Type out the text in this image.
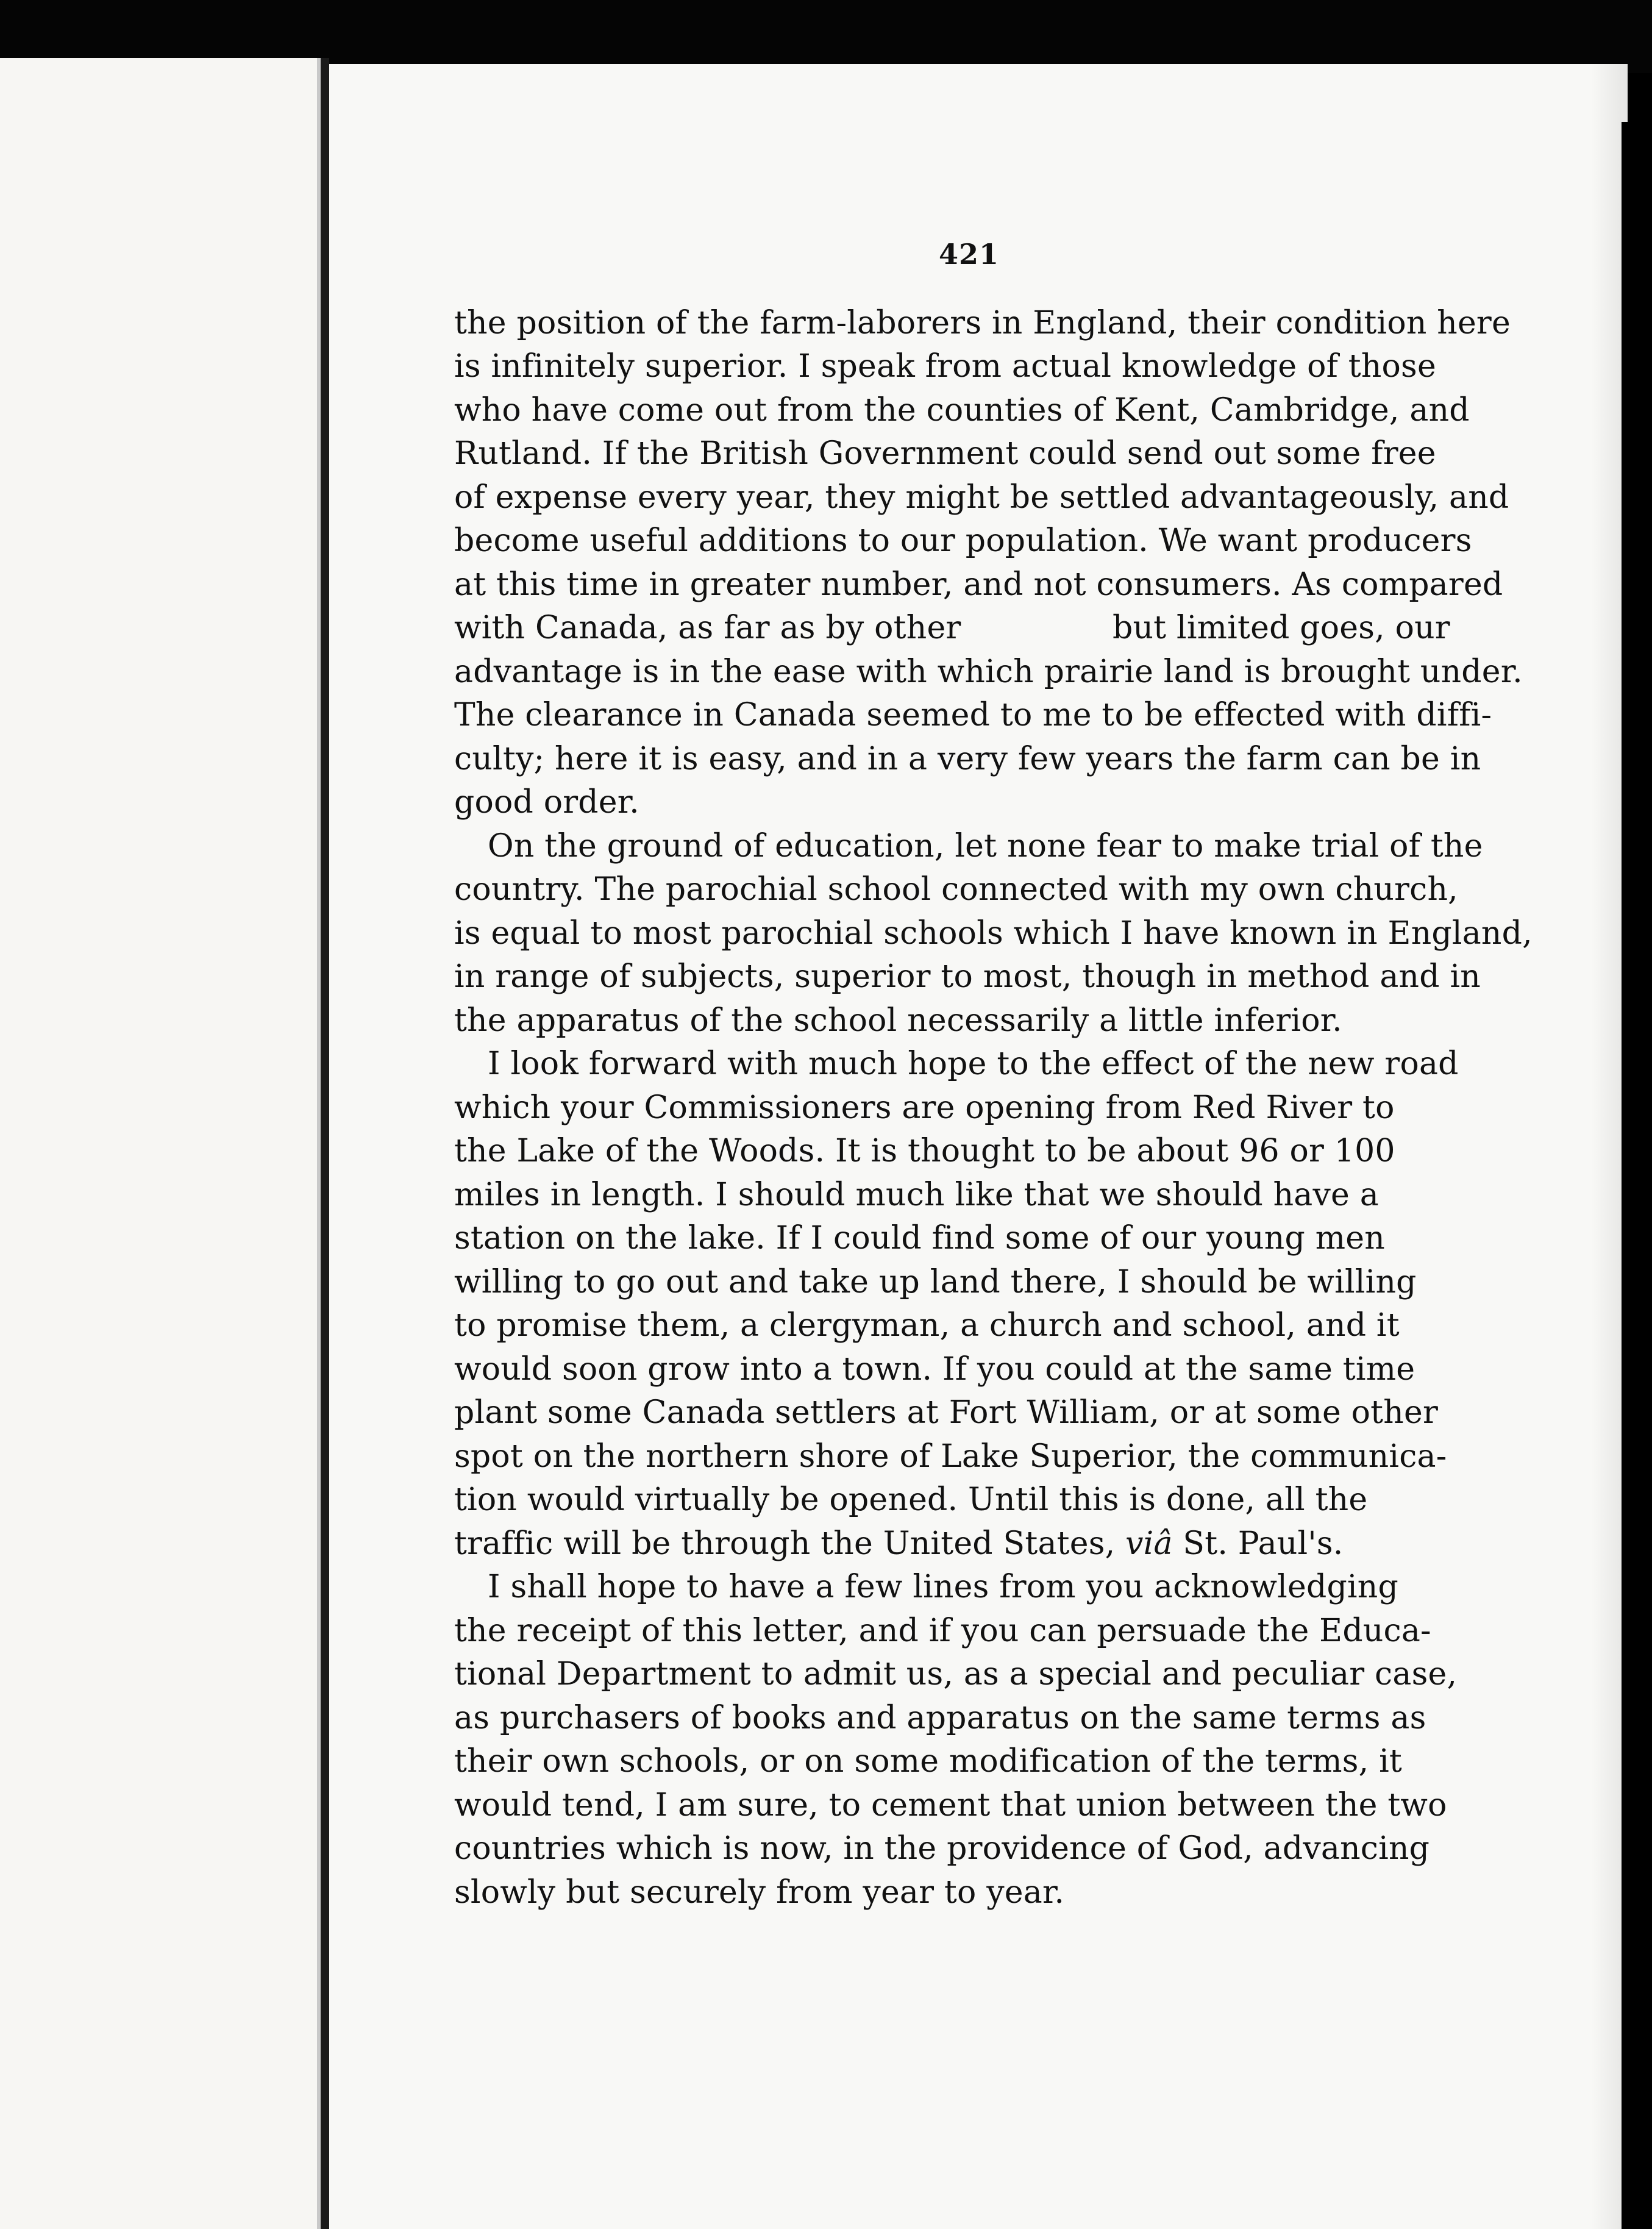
421
the position of the farm-laborers in England, their condition here
is infinitely superior. I speak from actual knowledge of those
who have come out from the counties of Kent, Cambridge, and
Rutland. If the British Government could send out some free
of expense every year, they might be settled advantageously, and
become useful additions to our population. We want producers
at this time in greater number, and not consumers. As compared
with Canada, as far as by other	but limited goes, our
advantage is in the ease with which prairie land is brought under.
The clearance in Canada seemed to me to be effected with diffi-
culty; here it is easy, and in a very few years the farm can be in
good order.
On the ground of education, let none fear to make trial of the
country. The parochial school connected with my own church,
is equal to most parochial schools which I have known in England,
in range of subjects, superior to most, though in method and in
the apparatus of the school necessarily a little inferior.
I look forward with much hope to the effect of the new road
which your Commissioners are opening from Red River to
the Lake of the Woods. It is thought to be about 96 or 100
miles in length. I should much like that we should have a
station on the lake. If I could find some of our young men
willing to go out and take up land there, I should be willing
to promise them, a clergyman, a church and school, and it
would soon grow into a town. If you could at the same time
plant some Canada settlers at Fort William, or at some other
spot on the northern shore of Lake Superior, the communica-
tion would virtually be opened. Until this is done, all the
traffic will be through the United States, viâ St. Paul's.
I shall hope to have a few lines from you acknowledging
the receipt of this letter, and if you can persuade the Educa-
tional Department to admit us, as a special and peculiar case,
as purchasers of books and apparatus on the same terms as
their own schools, or on some modification of the terms, it
would tend, I am sure, to cement that union between the two
countries which is now, in the providence of God, advancing
slowly but securely from year to year.
